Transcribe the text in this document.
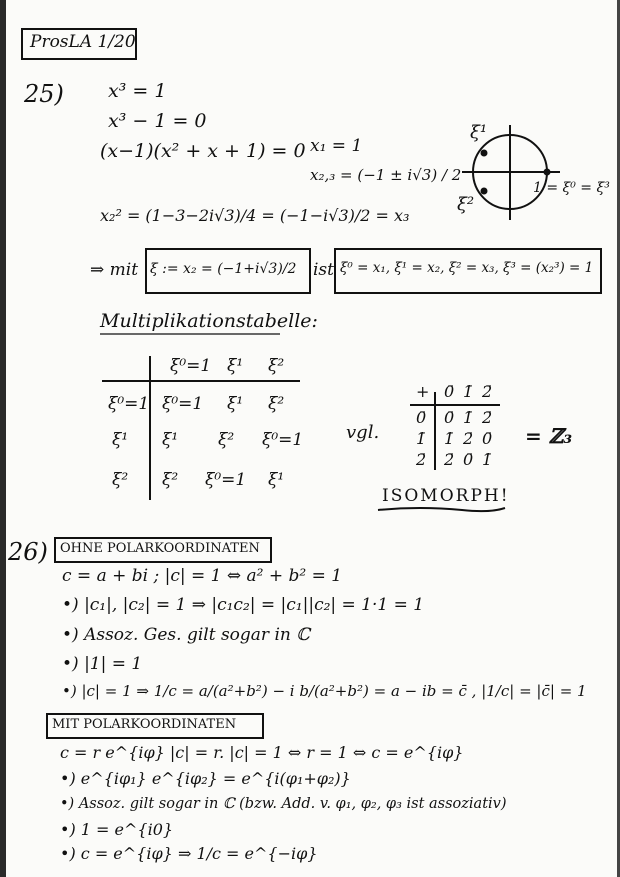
ProsLA 1/20
25) x³ = 1
x³ − 1 = 0
(x−1)(x² + x + 1) = 0 x₁ = 1
x₂,₃ = (−1 ± i√3) / 2
x₂² = (1−3−2i√3)/4 = (−1−i√3)/2 = x₃
ξ¹
ξ²
1 = ξ⁰ = ξ³
⇒ mit ξ := x₂ = (−1+i√3)/2 ist ξ⁰ = x₁, ξ¹ = x₂, ξ² = x₃, ξ³ = (x₂³) = 1
Multiplikationstabelle:
ξ⁰=1 ξ¹ ξ²
ξ⁰=1 ξ⁰=1 ξ¹ ξ²
ξ¹ ξ¹ ξ² ξ⁰=1
ξ² ξ² ξ⁰=1 ξ¹
vgl.
+ 0̄ 1̄ 2̄
0̄ 0̄ 1̄ 2̄
1̄ 1̄ 2̄ 0̄
2̄ 2̄ 0̄ 1̄
= ℤ₃
ISOMORPH!
26) OHNE POLARKOORDINATEN
c = a + bi ; |c| = 1 ⇔ a² + b² = 1
•) |c₁|, |c₂| = 1 ⇒ |c₁c₂| = |c₁||c₂| = 1·1 = 1
•) Assoz. Ges. gilt sogar in ℂ
•) |1| = 1
•) |c| = 1 ⇒ 1/c = a/(a²+b²) − i b/(a²+b²) = a − ib = c̄ , |1/c| = |c̄| = 1
MIT POLARKOORDINATEN
c = r e^{iφ} |c| = r. |c| = 1 ⇔ r = 1 ⇔ c = e^{iφ}
•) e^{iφ₁} e^{iφ₂} = e^{i(φ₁+φ₂)}
•) Assoz. gilt sogar in ℂ (bzw. Add. v. φ₁, φ₂, φ₃ ist assoziativ)
•) 1 = e^{i0}
•) c = e^{iφ} ⇒ 1/c = e^{−iφ}
